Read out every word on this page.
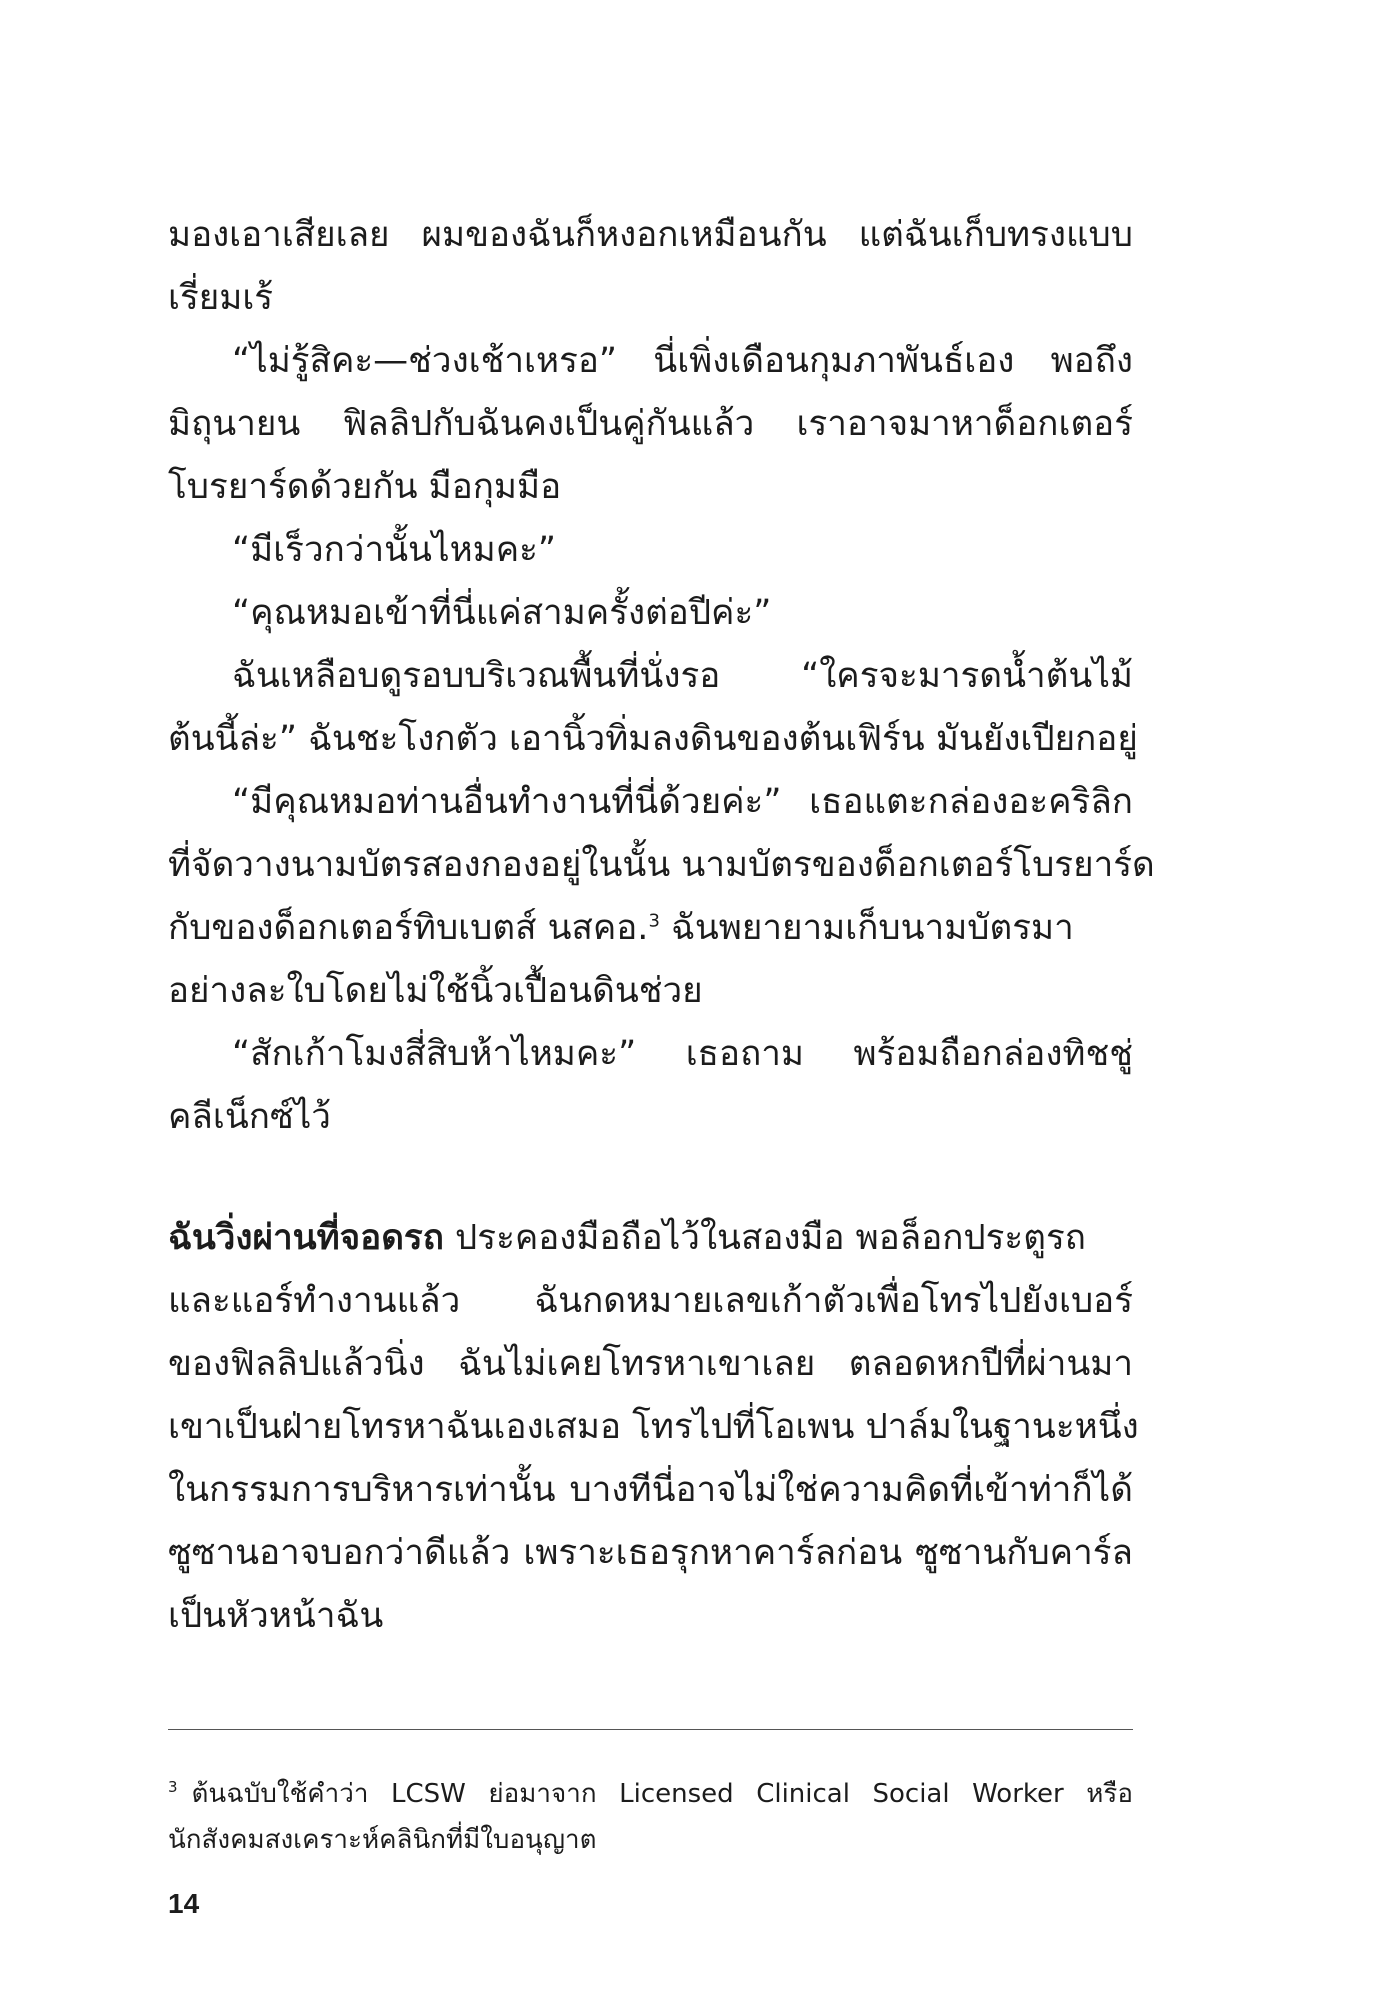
มองเอาเสียเลย ผมของฉันก็หงอกเหมือนกัน แต่ฉันเก็บทรงแบบ
เรี่ยมเร้
“ไม่รู้สิคะ—ช่วงเช้าเหรอ” นี่เพิ่งเดือนกุมภาพันธ์เอง พอถึง
มิถุนายน ฟิลลิปกับฉันคงเป็นคู่กันแล้ว เราอาจมาหาด็อกเตอร์
โบรยาร์ดด้วยกัน มือกุมมือ
“มีเร็วกว่านั้นไหมคะ”
“คุณหมอเข้าที่นี่แค่สามครั้งต่อปีค่ะ”
ฉันเหลือบดูรอบบริเวณพื้นที่นั่งรอ “ใครจะมารดน้ำต้นไม้
ต้นนี้ล่ะ” ฉันชะโงกตัว เอานิ้วทิ่มลงดินของต้นเฟิร์น มันยังเปียกอยู่
“มีคุณหมอท่านอื่นทำงานที่นี่ด้วยค่ะ” เธอแตะกล่องอะคริลิก
ที่จัดวางนามบัตรสองกองอยู่ในนั้น นามบัตรของด็อกเตอร์โบรยาร์ด
กับของด็อกเตอร์ทิบเบตส์ นสคอ.$^3$ ฉันพยายามเก็บนามบัตรมา
อย่างละใบโดยไม่ใช้นิ้วเปื้อนดินช่วย
“สักเก้าโมงสี่สิบห้าไหมคะ” เธอถาม พร้อมถือกล่องทิชชู่
คลีเน็กซ์ไว้
ฉันวิ่งผ่านที่จอดรถ ประคองมือถือไว้ในสองมือ พอล็อกประตูรถ
และแอร์ทำงานแล้ว ฉันกดหมายเลขเก้าตัวเพื่อโทรไปยังเบอร์
ของฟิลลิปแล้วนิ่ง ฉันไม่เคยโทรหาเขาเลย ตลอดหกปีที่ผ่านมา
เขาเป็นฝ่ายโทรหาฉันเองเสมอ โทรไปที่โอเพน ปาล์มในฐานะหนึ่ง
ในกรรมการบริหารเท่านั้น บางทีนี่อาจไม่ใช่ความคิดที่เข้าท่าก็ได้
ซูซานอาจบอกว่าดีแล้ว เพราะเธอรุกหาคาร์ลก่อน ซูซานกับคาร์ล
เป็นหัวหน้าฉัน
$^3$ ต้นฉบับใช้คำว่า LCSW ย่อมาจาก Licensed Clinical Social Worker หรือ
นักสังคมสงเคราะห์คลินิกที่มีใบอนุญาต
14
